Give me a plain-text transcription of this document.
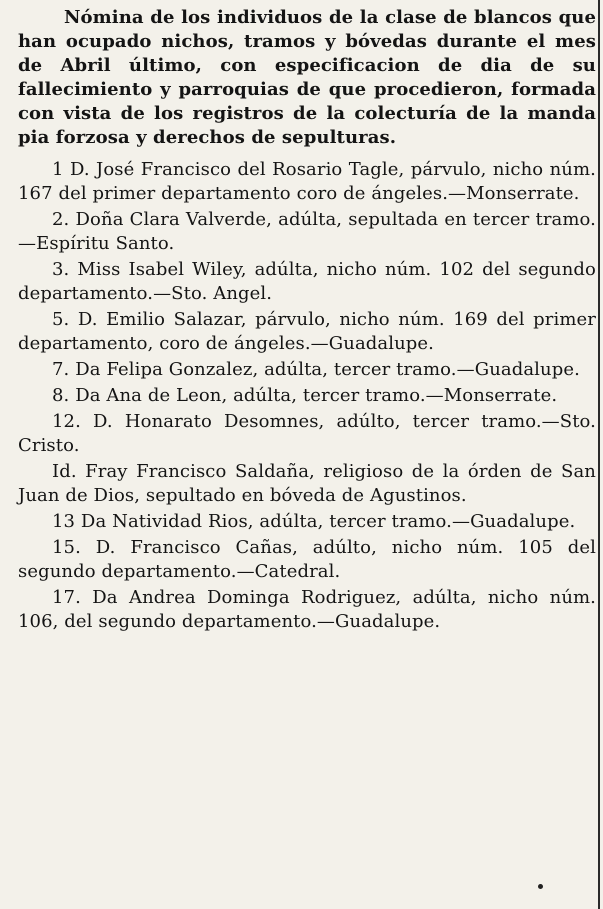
Nómina de los individuos de la clase de blancos que han ocupado nichos, tramos y bóvedas durante el mes de Abril último, con especificacion de dia de su fallecimiento y parroquias de que procedieron, formada con vista de los registros de la colecturía de la manda pia forzosa y derechos de sepulturas.

1 D. José Francisco del Rosario Tagle, párvulo, nicho núm. 167 del primer departamento coro de ángeles.—Monserrate.

2. Doña Clara Valverde, adúlta, sepultada en tercer tramo.—Espíritu Santo.

3. Miss Isabel Wiley, adúlta, nicho núm. 102 del segundo departamento.—Sto. Angel.

5. D. Emilio Salazar, párvulo, nicho núm. 169 del primer departamento, coro de ángeles.—Guadalupe.

7. Da Felipa Gonzalez, adúlta, tercer tramo.—Guadalupe.

8. Da Ana de Leon, adúlta, tercer tramo.—Monserrate.

12. D. Honarato Desomnes, adúlto, tercer tramo.—Sto. Cristo.

Id. Fray Francisco Saldaña, religioso de la órden de San Juan de Dios, sepultado en bóveda de Agustinos.

13 Da Natividad Rios, adúlta, tercer tramo.—Guadalupe.

15. D. Francisco Cañas, adúlto, nicho núm. 105 del segundo departamento.—Catedral.

17. Da Andrea Dominga Rodriguez, adúlta, nicho núm. 106, del segundo departamento.—Guadalupe.
